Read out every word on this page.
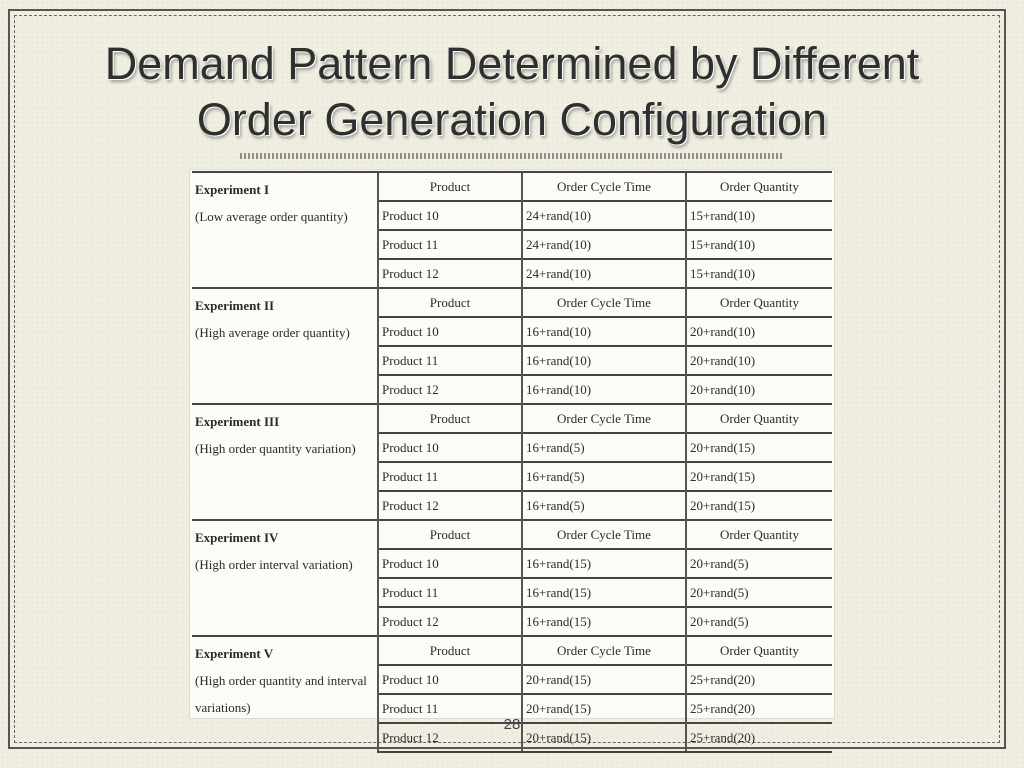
Demand Pattern Determined by Different
Order Generation Configuration
Experiment I
(Low average order quantity)	Product	Order Cycle Time	Order Quantity
	Product 10	24+rand(10)	15+rand(10)
	Product 11	24+rand(10)	15+rand(10)
	Product 12	24+rand(10)	15+rand(10)

Experiment II
(High average order quantity)	Product	Order Cycle Time	Order Quantity
	Product 10	16+rand(10)	20+rand(10)
	Product 11	16+rand(10)	20+rand(10)
	Product 12	16+rand(10)	20+rand(10)

Experiment III
(High order quantity variation)	Product	Order Cycle Time	Order Quantity
	Product 10	16+rand(5)	20+rand(15)
	Product 11	16+rand(5)	20+rand(15)
	Product 12	16+rand(5)	20+rand(15)

Experiment IV
(High order interval variation)	Product	Order Cycle Time	Order Quantity
	Product 10	16+rand(15)	20+rand(5)
	Product 11	16+rand(15)	20+rand(5)
	Product 12	16+rand(15)	20+rand(5)

Experiment V
(High order quantity and interval variations)	Product	Order Cycle Time	Order Quantity
	Product 10	20+rand(15)	25+rand(20)
	Product 11	20+rand(15)	25+rand(20)
	Product 12	20+rand(15)	25+rand(20)
28
